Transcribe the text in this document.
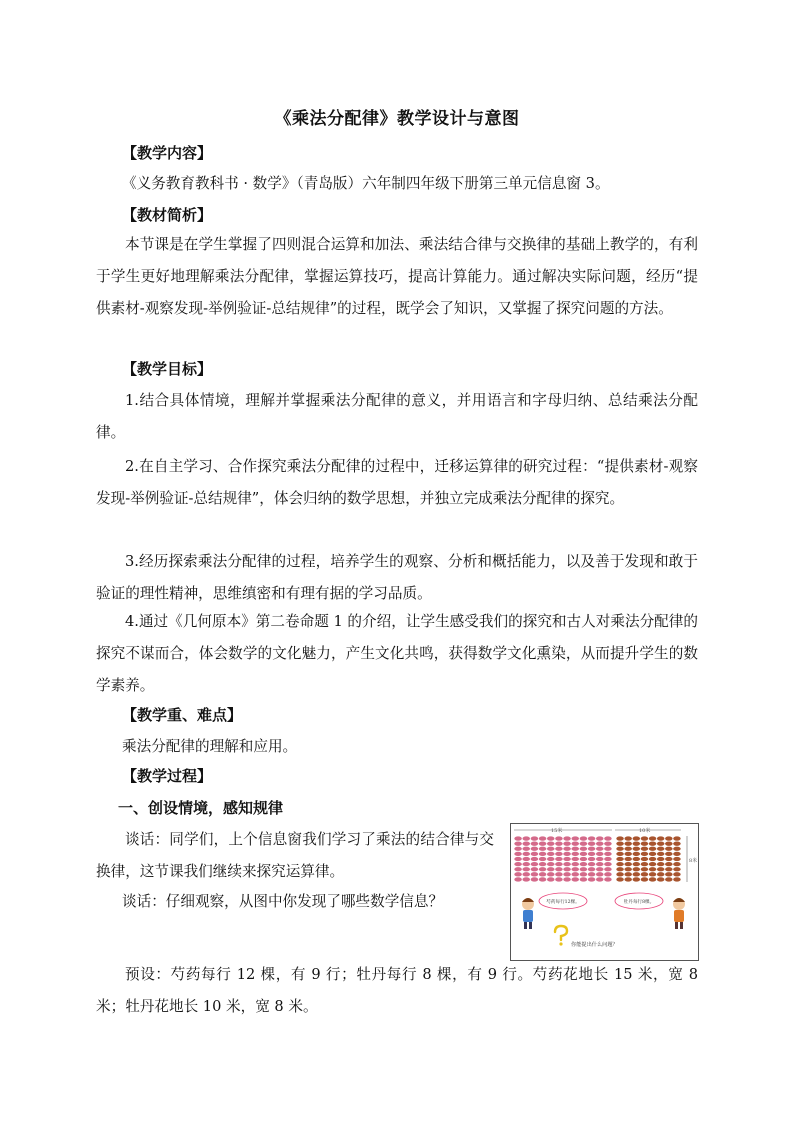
《乘法分配律》教学设计与意图
【教学内容】
《义务教育教科书 · 数学》（青岛版）六年制四年级下册第三单元信息窗 3。
【教材简析】

本节课是在学生掌握了四则混合运算和加法、乘法结合律与交换律的基础上教学的，有利于学生更好地理解乘法分配律，掌握运算技巧，提高计算能力。通过解决实际问题，经历“提供素材-观察发现-举例验证-总结规律”的过程，既学会了知识，又掌握了探究问题的方法。

【教学目标】

1.结合具体情境，理解并掌握乘法分配律的意义，并用语言和字母归纳、总结乘法分配律。

2.在自主学习、合作探究乘法分配律的过程中，迁移运算律的研究过程：“提供素材-观察发现-举例验证-总结规律”，体会归纳的数学思想，并独立完成乘法分配律的探究。

3.经历探索乘法分配律的过程，培养学生的观察、分析和概括能力，以及善于发现和敢于验证的理性精神，思维缜密和有理有据的学习品质。

4.通过《几何原本》第二卷命题 1 的介绍，让学生感受我们的探究和古人对乘法分配律的探究不谋而合，体会数学的文化魅力，产生文化共鸣，获得数学文化熏染，从而提升学生的数学素养。

【教学重、难点】
乘法分配律的理解和应用。
【教学过程】
一、创设情境，感知规律

谈话：同学们，上个信息窗我们学习了乘法的结合律与交换律，这节课我们继续来探究运算律。

谈话：仔细观察，从图中你发现了哪些数学信息？
15米	10米
8米
芍药每行12棵。	牡丹每行8棵。
你能提出什么问题？

预设：芍药每行 12 棵，有 9 行；牡丹每行 8 棵，有 9 行。芍药花地长 15 米，宽 8 米；牡丹花地长 10 米，宽 8 米。
